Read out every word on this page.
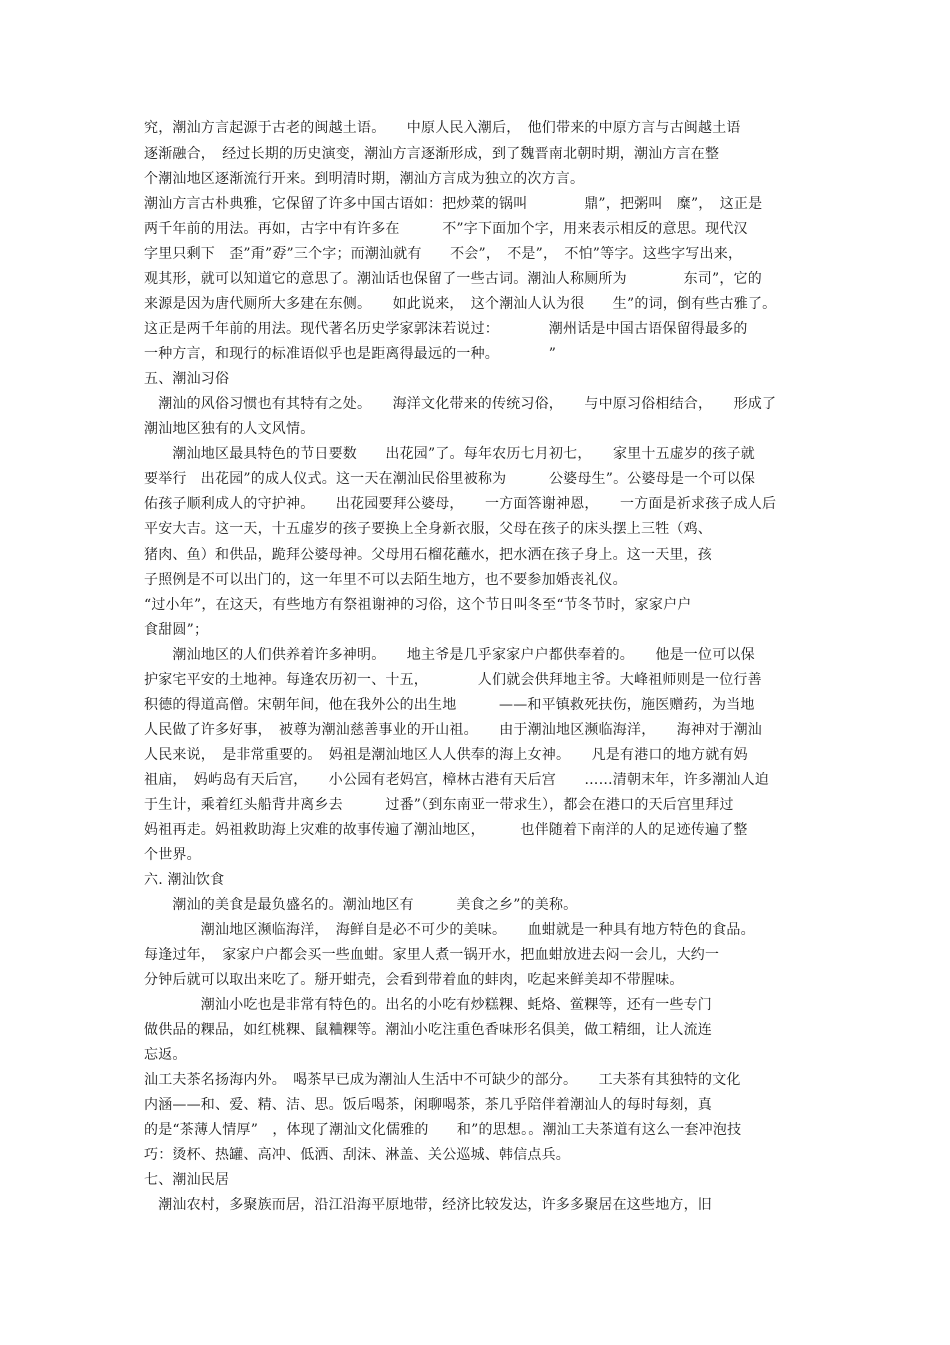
究，潮汕方言起源于古老的闽越土语。　　中原人民入潮后，　他们带来的中原方言与古闽越土语
逐渐融合，　经过长期的历史演变，潮汕方言逐渐形成，到了魏晋南北朝时期，潮汕方言在整
个潮汕地区逐渐流行开来。到明清时期，潮汕方言成为独立的次方言。
潮汕方言古朴典雅，它保留了许多中国古语如：把炒菜的锅叫　　　　鼎”，把粥叫　糜”，　这正是
两千年前的用法。再如，古字中有许多在　　　不”字下面加个字，用来表示相反的意思。现代汉
字里只剩下　歪”甭”孬”三个字；而潮汕就有　　不会”，　不是”，　不怕”等字。这些字写出来，
观其形，就可以知道它的意思了。潮汕话也保留了一些古词。潮汕人称厕所为　　　　东司”，它的
来源是因为唐代厕所大多建在东侧。　　如此说来，　这个潮汕人认为很　　生”的词，倒有些古雅了。
这正是两千年前的用法。现代著名历史学家郭沫若说过：　　　　潮州话是中国古语保留得最多的
一种方言，和现行的标准语似乎也是距离得最远的一种。　　　　”
五、潮汕习俗
　潮汕的风俗习惯也有其特有之处。　　海洋文化带来的传统习俗，　　与中原习俗相结合，　　形成了
潮汕地区独有的人文风情。
　　潮汕地区最具特色的节日要数　　出花园”了。每年农历七月初七，　　家里十五虚岁的孩子就
要举行　出花园”的成人仪式。这一天在潮汕民俗里被称为　　　公婆母生”。公婆母是一个可以保
佑孩子顺利成人的守护神。　　出花园要拜公婆母，　　一方面答谢神恩，　　一方面是祈求孩子成人后
平安大吉。这一天，十五虚岁的孩子要换上全身新衣服，父母在孩子的床头摆上三牲（鸡、
猪肉、鱼）和供品，跪拜公婆母神。父母用石榴花蘸水，把水洒在孩子身上。这一天里，孩
子照例是不可以出门的，这一年里不可以去陌生地方，也不要参加婚丧礼仪。
“过小年”，在这天，有些地方有祭祖谢神的习俗，这个节日叫冬至“节冬节时，家家户户
食甜圆”；
　　潮汕地区的人们供养着许多神明。　　地主爷是几乎家家户户都供奉着的。　　他是一位可以保
护家宅平安的土地神。每逢农历初一、十五，　　　　人们就会供拜地主爷。大峰祖师则是一位行善
积德的得道高僧。宋朝年间，他在我外公的出生地　　　——和平镇救死扶伤，施医赠药，为当地
人民做了许多好事，　被尊为潮汕慈善事业的开山祖。　　由于潮汕地区濒临海洋，　　海神对于潮汕
人民来说，　是非常重要的。　妈祖是潮汕地区人人供奉的海上女神。　　凡是有港口的地方就有妈
祖庙，　妈屿岛有天后宫，　　小公园有老妈宫，樟林古港有天后宫　　……清朝末年，许多潮汕人迫
于生计，乘着红头船背井离乡去　　　过番”（到东南亚一带求生），都会在港口的天后宫里拜过
妈祖再走。妈祖救助海上灾难的故事传遍了潮汕地区，　　　也伴随着下南洋的人的足迹传遍了整
个世界。
六. 潮汕饮食
　　潮汕的美食是最负盛名的。潮汕地区有　　　美食之乡”的美称。
　　　　潮汕地区濒临海洋，　海鲜自是必不可少的美味。　　血蚶就是一种具有地方特色的食品。
每逢过年，　家家户户都会买一些血蚶。家里人煮一锅开水，把血蚶放进去闷一会儿，大约一
分钟后就可以取出来吃了。掰开蚶壳，会看到带着血的蚌肉，吃起来鲜美却不带腥味。
　　　　潮汕小吃也是非常有特色的。出名的小吃有炒糕粿、蚝烙、鲎粿等，还有一些专门
做供品的粿品，如红桃粿、鼠粬粿等。潮汕小吃注重色香味形名俱美，做工精细，让人流连
忘返。
汕工夫茶名扬海内外。　喝茶早已成为潮汕人生活中不可缺少的部分。　　工夫茶有其独特的文化
内涵——和、爱、精、洁、思。饭后喝茶，闲聊喝茶，茶几乎陪伴着潮汕人的每时每刻，真
的是“茶薄人情厚”　，体现了潮汕文化儒雅的　　和”的思想。。潮汕工夫茶道有这么一套冲泡技
巧：烫杯、热罐、高冲、低洒、刮沫、淋盖、关公巡城、韩信点兵。
七、潮汕民居
　潮汕农村，多聚族而居，沿江沿海平原地带，经济比较发达，许多多聚居在这些地方，旧
